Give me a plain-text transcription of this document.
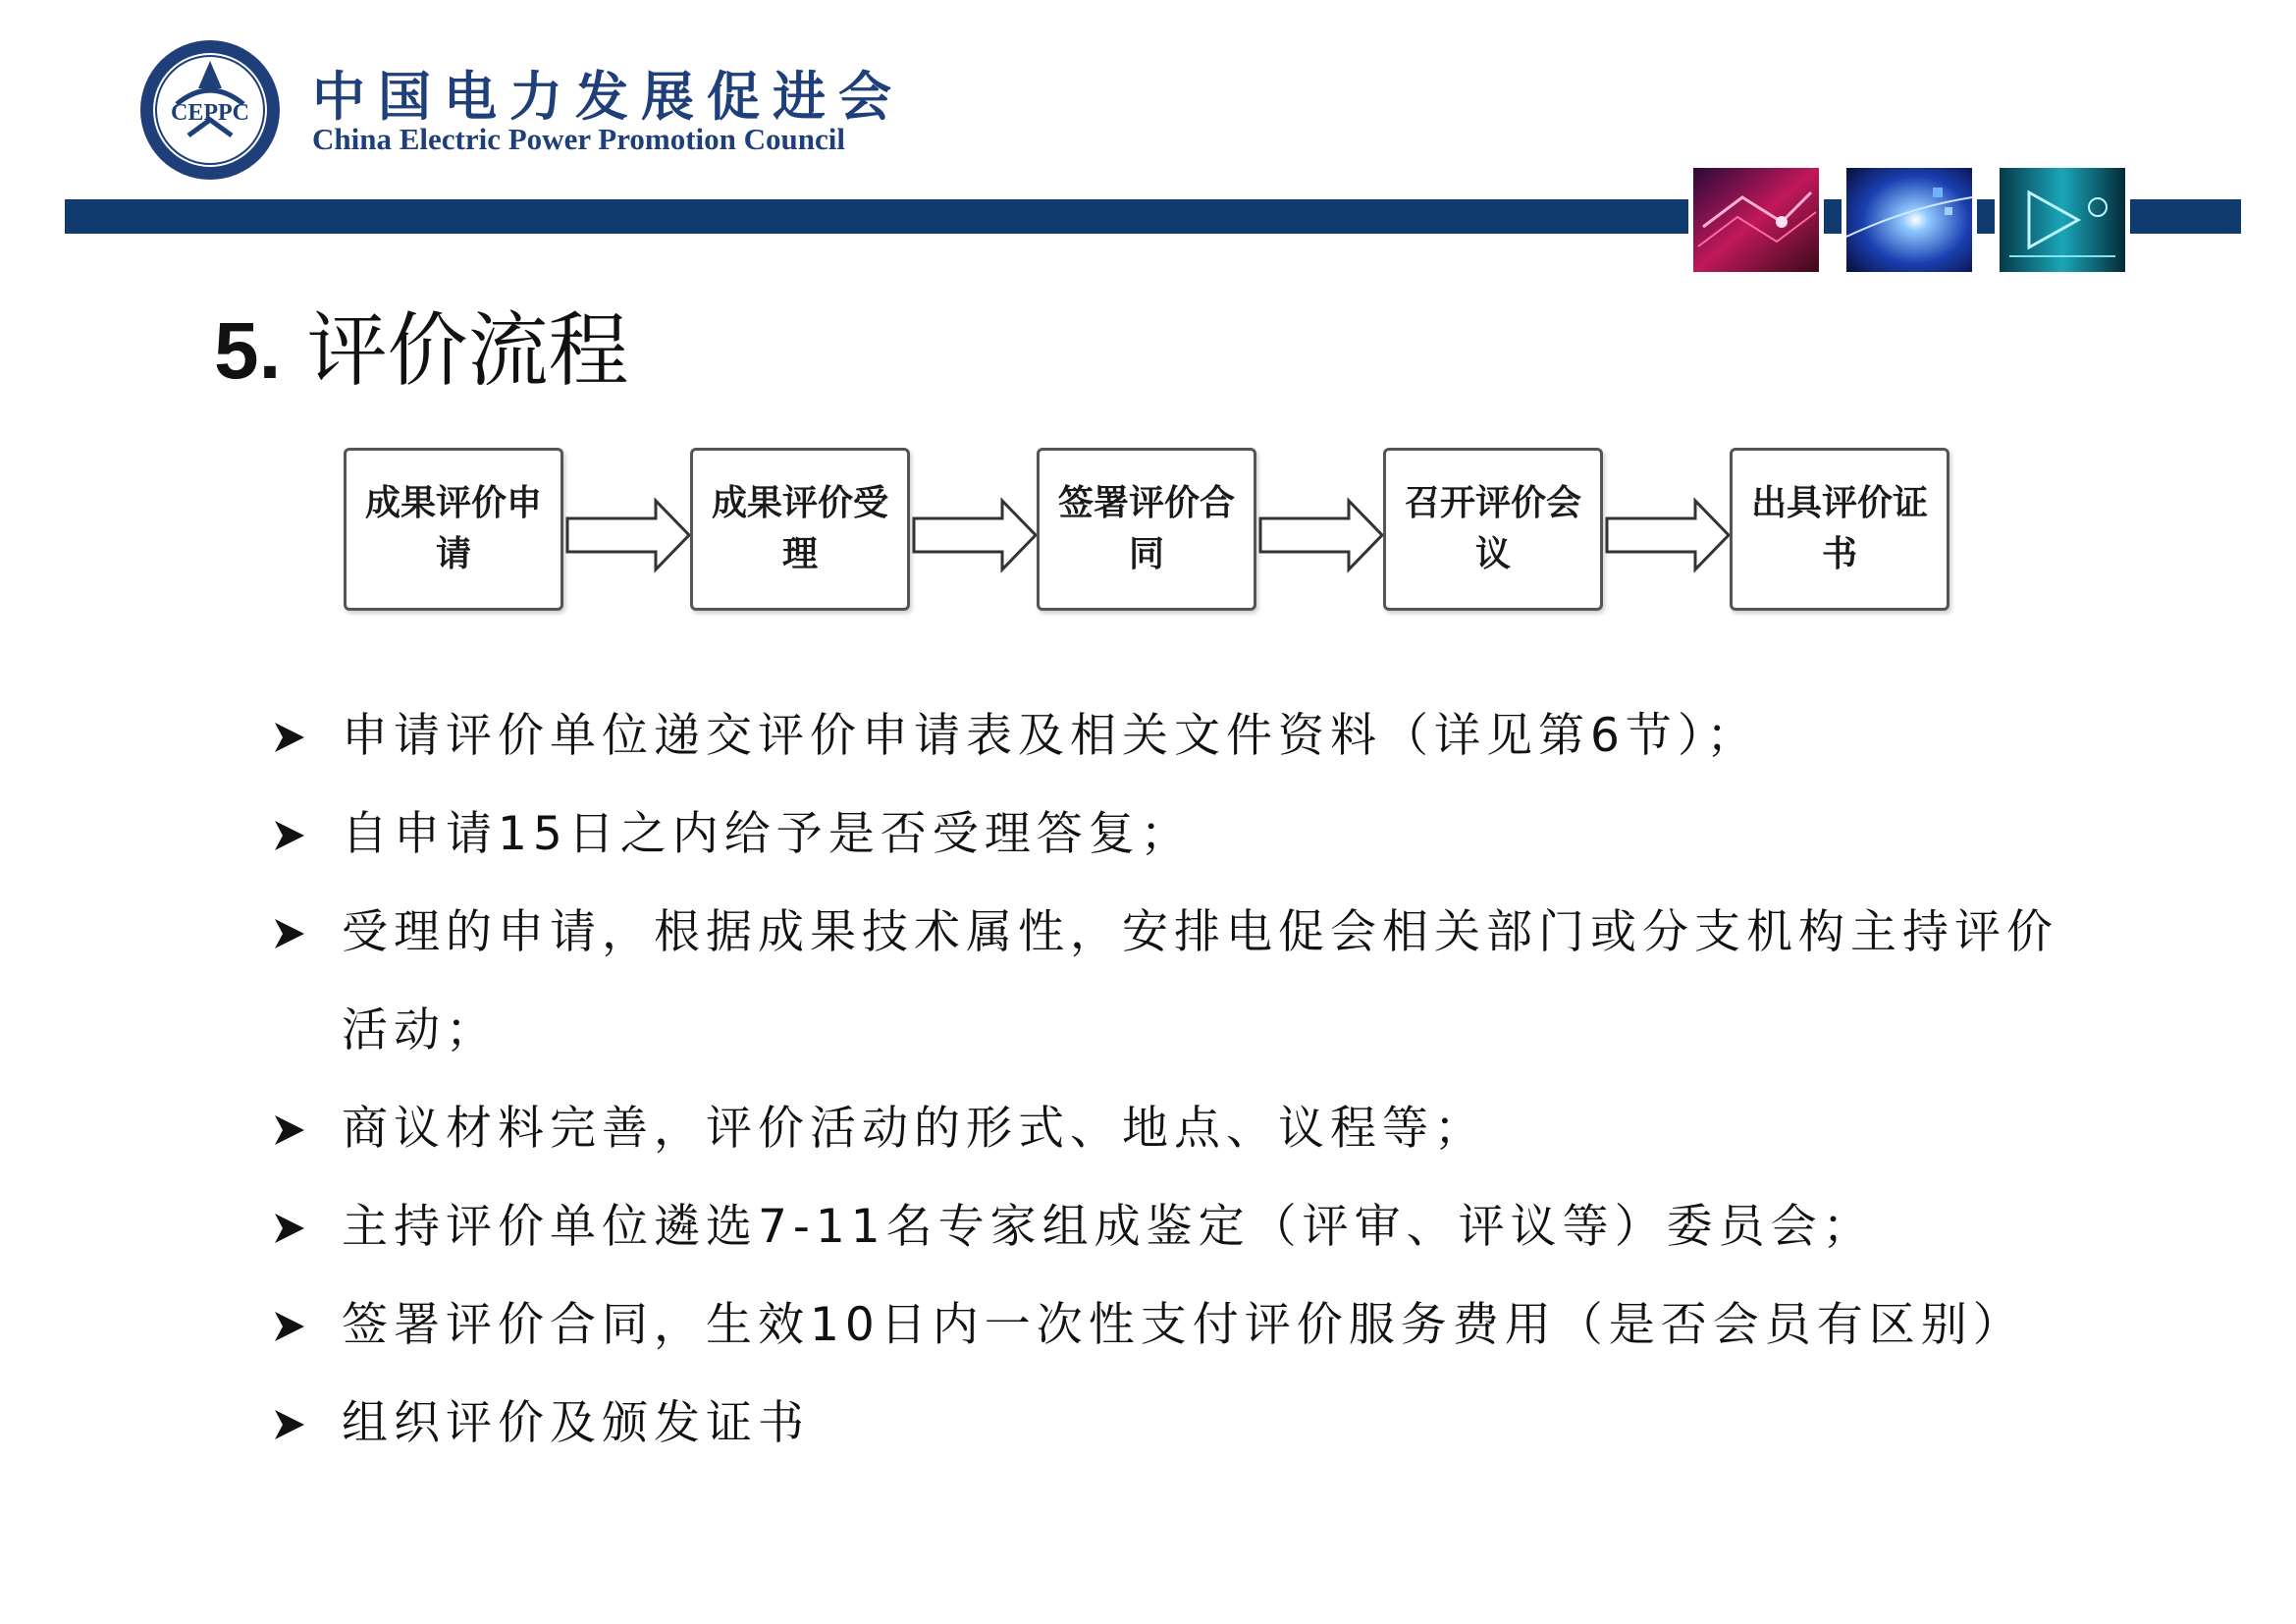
CEPPC 中国电力发展促进会
China Electric Power Promotion Council
5. 评价流程
成果评价申请
成果评价受理
签署评价合同
召开评价会议
出具评价证书
申请评价单位递交评价申请表及相关文件资料（详见第6节）；
自申请15日之内给予是否受理答复；
受理的申请，根据成果技术属性，安排电促会相关部门或分支机构主持评价活动；
商议材料完善，评价活动的形式、地点、议程等；
主持评价单位遴选7-11名专家组成鉴定（评审、评议等）委员会；
签署评价合同，生效10日内一次性支付评价服务费用（是否会员有区别）
组织评价及颁发证书
